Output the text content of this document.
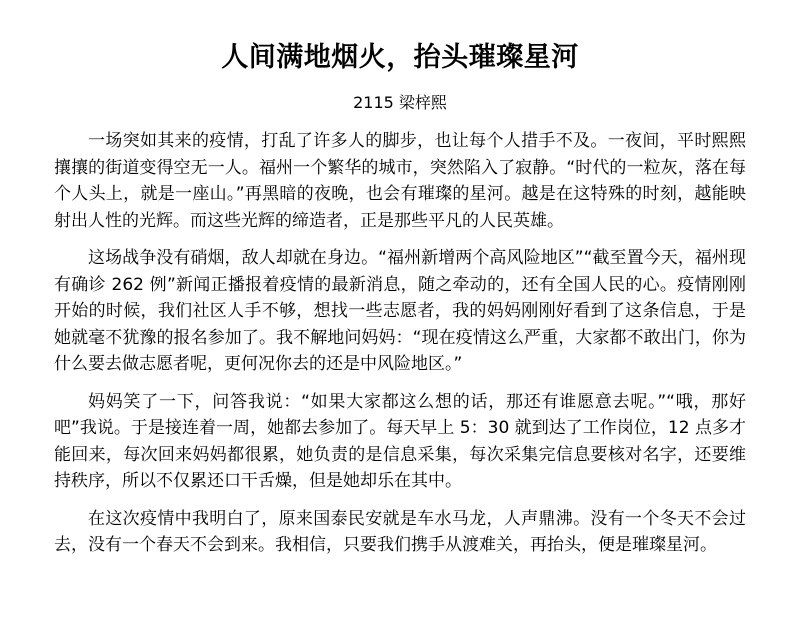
人间满地烟火，抬头璀璨星河
2115 梁梓熙

一场突如其来的疫情，打乱了许多人的脚步，也让每个人措手不及。一夜间，平时熙熙攘攘的街道变得空无一人。福州一个繁华的城市，突然陷入了寂静。“时代的一粒灰，落在每个人头上，就是一座山。”再黑暗的夜晚，也会有璀璨的星河。越是在这特殊的时刻，越能映射出人性的光辉。而这些光辉的缔造者，正是那些平凡的人民英雄。

这场战争没有硝烟，敌人却就在身边。“福州新增两个高风险地区”“截至置今天，福州现有确诊 262 例”新闻正播报着疫情的最新消息，随之牵动的，还有全国人民的心。疫情刚刚开始的时候，我们社区人手不够，想找一些志愿者，我的妈妈刚刚好看到了这条信息，于是她就毫不犹豫的报名参加了。我不解地问妈妈：“现在疫情这么严重，大家都不敢出门，你为什么要去做志愿者呢，更何况你去的还是中风险地区。”

妈妈笑了一下，问答我说：“如果大家都这么想的话，那还有谁愿意去呢。”“哦，那好吧”我说。于是接连着一周，她都去参加了。每天早上 5：30 就到达了工作岗位，12 点多才能回来，每次回来妈妈都很累，她负责的是信息采集，每次采集完信息要核对名字，还要维持秩序，所以不仅累还口干舌燥，但是她却乐在其中。

在这次疫情中我明白了，原来国泰民安就是车水马龙，人声鼎沸。没有一个冬天不会过去，没有一个春天不会到来。我相信，只要我们携手从渡难关，再抬头，便是璀璨星河。
